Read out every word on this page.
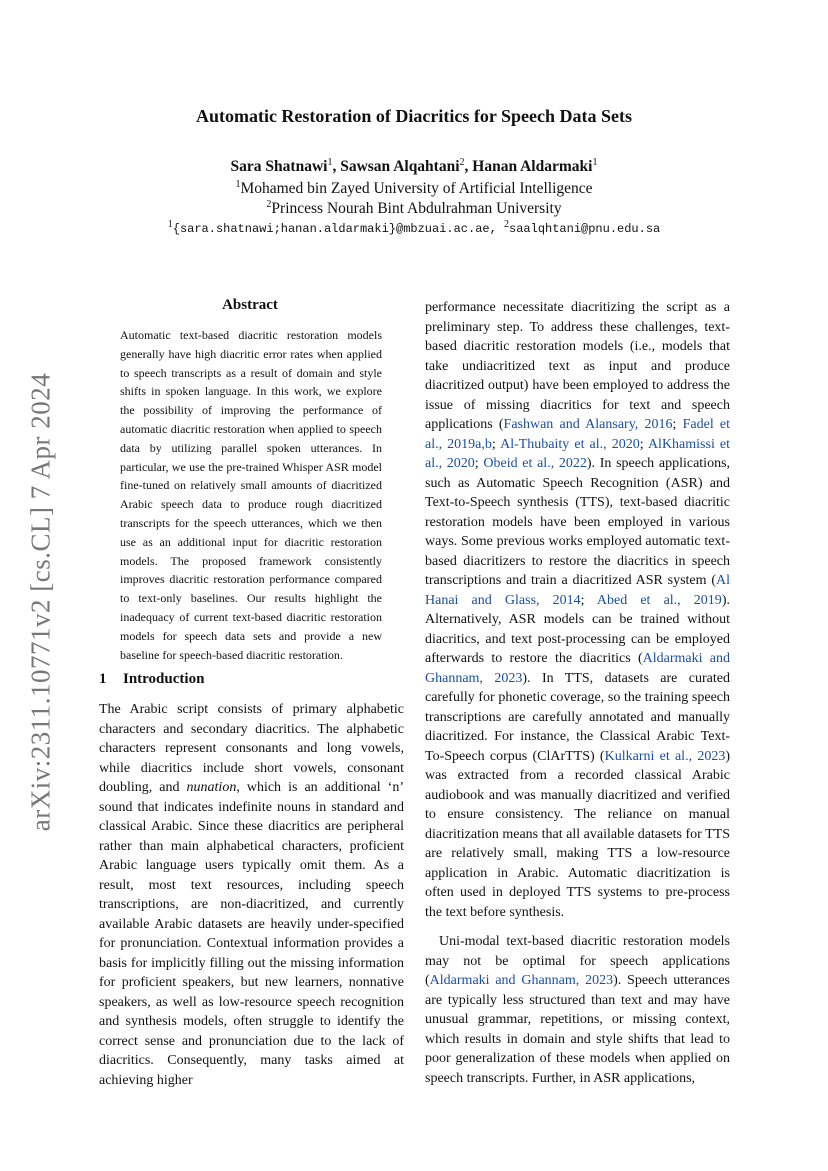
arXiv:2311.10771v2 [cs.CL] 7 Apr 2024
Automatic Restoration of Diacritics for Speech Data Sets
Sara Shatnawi$^1$, Sawsan Alqahtani$^2$, Hanan Aldarmaki$^1$
$^1$Mohamed bin Zayed University of Artificial Intelligence
$^2$Princess Nourah Bint Abdulrahman University
$^1${sara.shatnawi;hanan.aldarmaki}@mbzuai.ac.ae, $^2$saalqhtani@pnu.edu.sa
Abstract

Automatic text-based diacritic restoration models generally have high diacritic error rates when applied to speech transcripts as a result of domain and style shifts in spoken language. In this work, we explore the possibility of improving the performance of automatic diacritic restoration when applied to speech data by utilizing parallel spoken utterances. In particular, we use the pre-trained Whisper ASR model fine-tuned on relatively small amounts of diacritized Arabic speech data to produce rough diacritized transcripts for the speech utterances, which we then use as an additional input for diacritic restoration models. The proposed framework consistently improves diacritic restoration performance compared to text-only baselines. Our results highlight the inadequacy of current text-based diacritic restoration models for speech data sets and provide a new baseline for speech-based diacritic restoration.

1 Introduction

The Arabic script consists of primary alphabetic characters and secondary diacritics. The alphabetic characters represent consonants and long vowels, while diacritics include short vowels, consonant doubling, and nunation, which is an additional ‘n’ sound that indicates indefinite nouns in standard and classical Arabic. Since these diacritics are peripheral rather than main alphabetical characters, proficient Arabic language users typically omit them. As a result, most text resources, including speech transcriptions, are non-diacritized, and currently available Arabic datasets are heavily under-specified for pronunciation. Contextual information provides a basis for implicitly filling out the missing information for proficient speakers, but new learners, nonnative speakers, as well as low-resource speech recognition and synthesis models, often struggle to identify the correct sense and pronunciation due to the lack of diacritics. Consequently, many tasks aimed at achieving higher

performance necessitate diacritizing the script as a preliminary step. To address these challenges, text-based diacritic restoration models (i.e., models that take undiacritized text as input and produce diacritized output) have been employed to address the issue of missing diacritics for text and speech applications (Fashwan and Alansary, 2016; Fadel et al., 2019a,b; Al-Thubaity et al., 2020; AlKhamissi et al., 2020; Obeid et al., 2022). In speech applications, such as Automatic Speech Recognition (ASR) and Text-to-Speech synthesis (TTS), text-based diacritic restoration models have been employed in various ways. Some previous works employed automatic text-based diacritizers to restore the diacritics in speech transcriptions and train a diacritized ASR system (Al Hanai and Glass, 2014; Abed et al., 2019). Alternatively, ASR models can be trained without diacritics, and text post-processing can be employed afterwards to restore the diacritics (Aldarmaki and Ghannam, 2023). In TTS, datasets are curated carefully for phonetic coverage, so the training speech transcriptions are carefully annotated and manually diacritized. For instance, the Classical Arabic Text-To-Speech corpus (ClArTTS) (Kulkarni et al., 2023) was extracted from a recorded classical Arabic audiobook and was manually diacritized and verified to ensure consistency. The reliance on manual diacritization means that all available datasets for TTS are relatively small, making TTS a low-resource application in Arabic. Automatic diacritization is often used in deployed TTS systems to pre-process the text before synthesis.

Uni-modal text-based diacritic restoration models may not be optimal for speech applications (Aldarmaki and Ghannam, 2023). Speech utterances are typically less structured than text and may have unusual grammar, repetitions, or missing context, which results in domain and style shifts that lead to poor generalization of these models when applied on speech transcripts. Further, in ASR applications,
